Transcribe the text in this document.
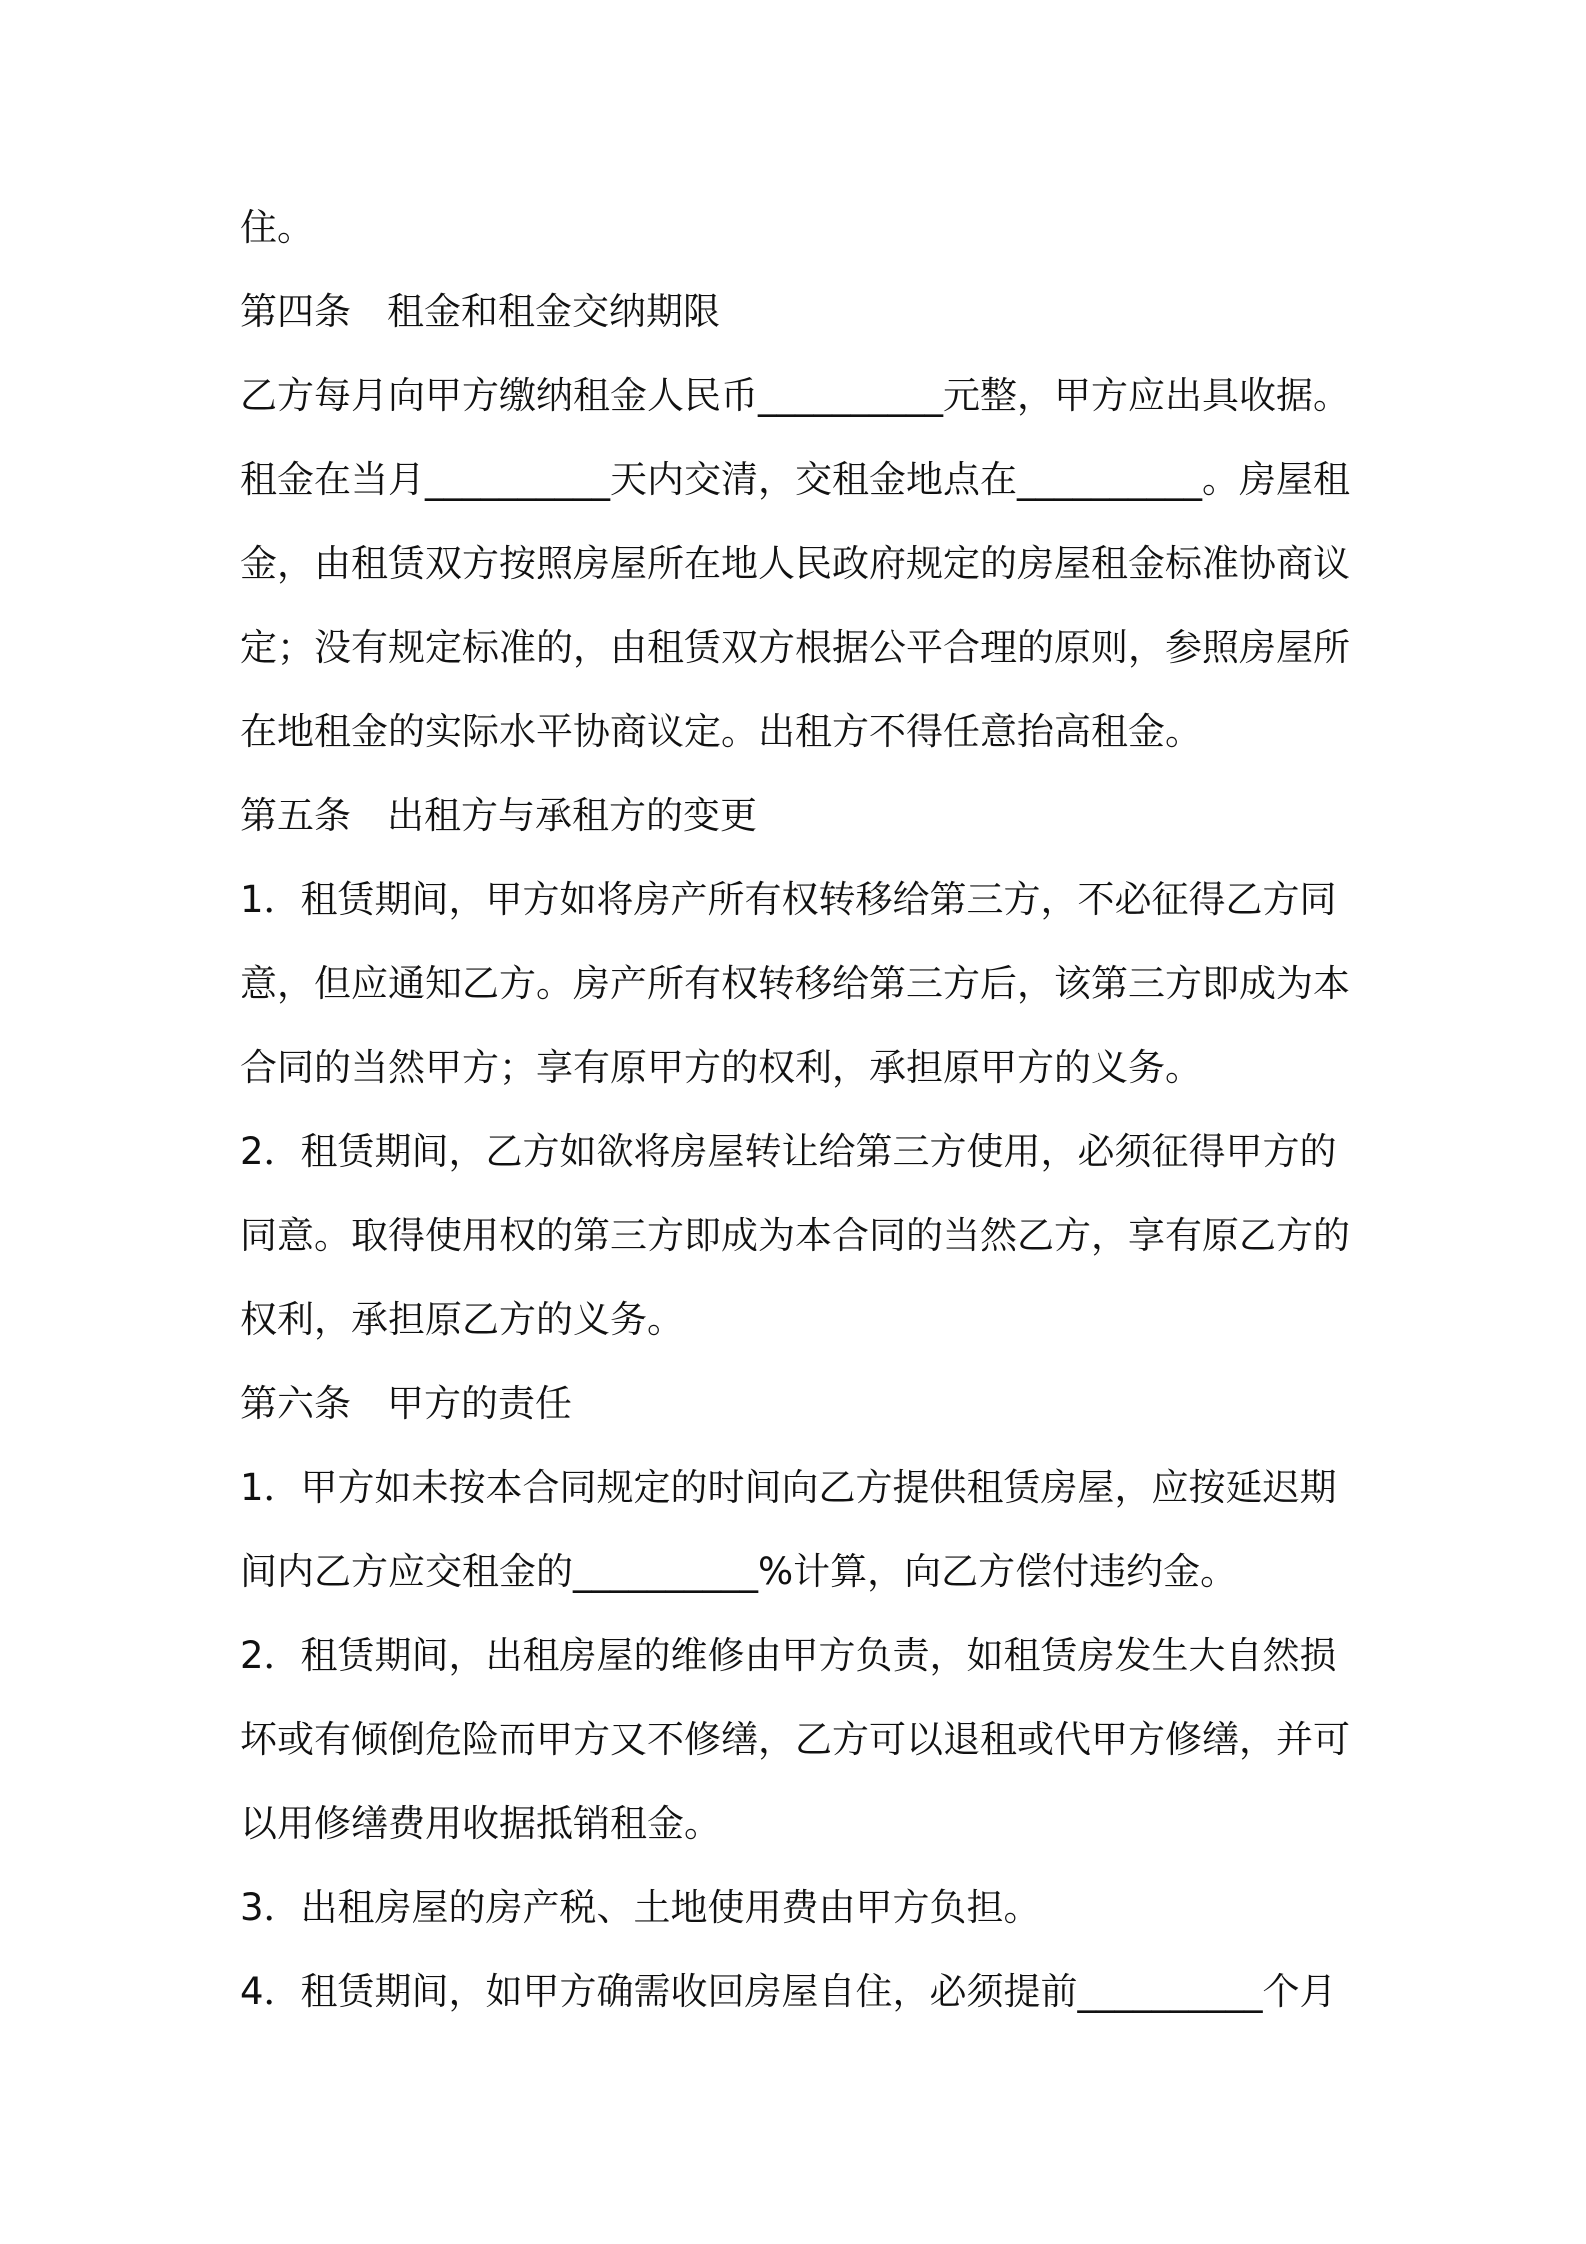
住。
第四条 租金和租金交纳期限
乙方每月向甲方缴纳租金人民币__________元整，甲方应出具收据。
租金在当月__________天内交清，交租金地点在__________。房屋租
金，由租赁双方按照房屋所在地人民政府规定的房屋租金标准协商议
定；没有规定标准的，由租赁双方根据公平合理的原则，参照房屋所
在地租金的实际水平协商议定。出租方不得任意抬高租金。
第五条 出租方与承租方的变更
1．租赁期间，甲方如将房产所有权转移给第三方，不必征得乙方同
意，但应通知乙方。房产所有权转移给第三方后，该第三方即成为本
合同的当然甲方；享有原甲方的权利，承担原甲方的义务。
2．租赁期间，乙方如欲将房屋转让给第三方使用，必须征得甲方的
同意。取得使用权的第三方即成为本合同的当然乙方，享有原乙方的
权利，承担原乙方的义务。
第六条 甲方的责任
1．甲方如未按本合同规定的时间向乙方提供租赁房屋，应按延迟期
间内乙方应交租金的__________%计算，向乙方偿付违约金。
2．租赁期间，出租房屋的维修由甲方负责，如租赁房发生大自然损
坏或有倾倒危险而甲方又不修缮，乙方可以退租或代甲方修缮，并可
以用修缮费用收据抵销租金。
3．出租房屋的房产税、土地使用费由甲方负担。
4．租赁期间，如甲方确需收回房屋自住，必须提前__________个月
